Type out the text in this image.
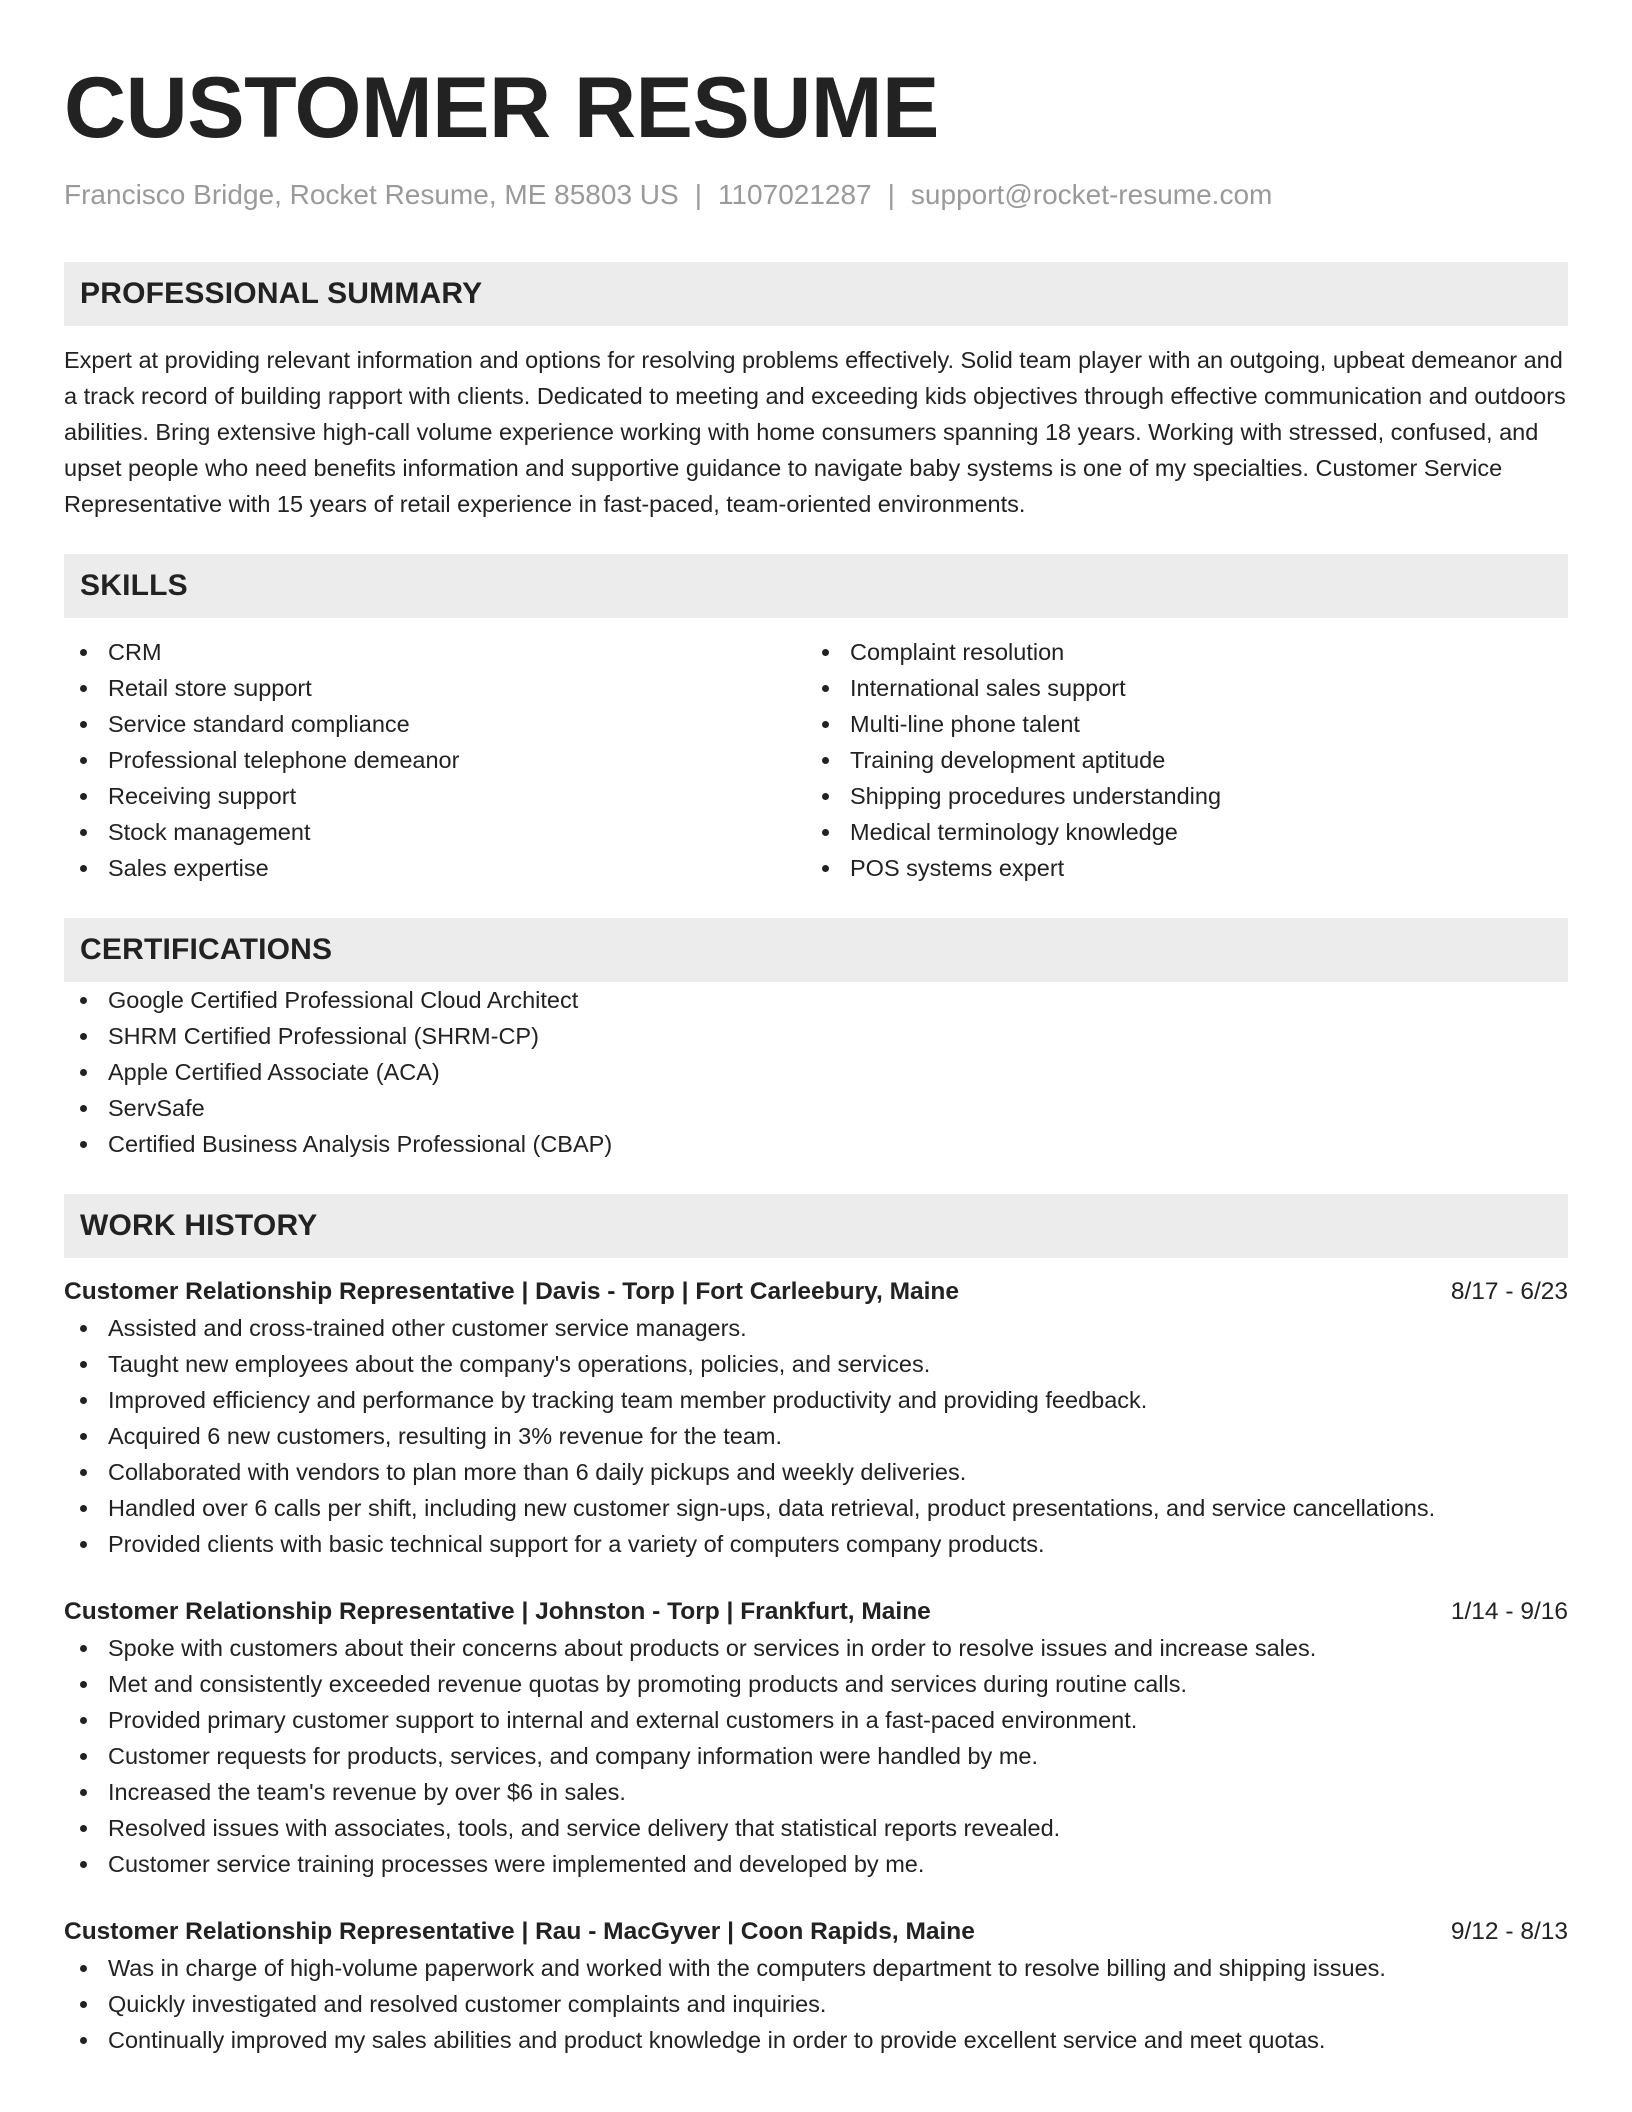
CUSTOMER RESUME
Francisco Bridge, Rocket Resume, ME 85803 US | 1107021287 | support@rocket-resume.com
PROFESSIONAL SUMMARY

Expert at providing relevant information and options for resolving problems effectively. Solid team player with an outgoing, upbeat demeanor and a track record of building rapport with clients. Dedicated to meeting and exceeding kids objectives through effective communication and outdoors abilities. Bring extensive high-call volume experience working with home consumers spanning 18 years. Working with stressed, confused, and upset people who need benefits information and supportive guidance to navigate baby systems is one of my specialties. Customer Service Representative with 15 years of retail experience in fast-paced, team-oriented environments.

SKILLS
CRM
Retail store support
Service standard compliance
Professional telephone demeanor
Receiving support
Stock management
Sales expertise
Complaint resolution
International sales support
Multi-line phone talent
Training development aptitude
Shipping procedures understanding
Medical terminology knowledge
POS systems expert
CERTIFICATIONS
Google Certified Professional Cloud Architect
SHRM Certified Professional (SHRM-CP)
Apple Certified Associate (ACA)
ServSafe
Certified Business Analysis Professional (CBAP)
WORK HISTORY
Customer Relationship Representative | Davis - Torp | Fort Carleebury, Maine	8/17 - 6/23
Assisted and cross-trained other customer service managers.
Taught new employees about the company's operations, policies, and services.
Improved efficiency and performance by tracking team member productivity and providing feedback.
Acquired 6 new customers, resulting in 3% revenue for the team.
Collaborated with vendors to plan more than 6 daily pickups and weekly deliveries.
Handled over 6 calls per shift, including new customer sign-ups, data retrieval, product presentations, and service cancellations.
Provided clients with basic technical support for a variety of computers company products.
Customer Relationship Representative | Johnston - Torp | Frankfurt, Maine	1/14 - 9/16
Spoke with customers about their concerns about products or services in order to resolve issues and increase sales.
Met and consistently exceeded revenue quotas by promoting products and services during routine calls.
Provided primary customer support to internal and external customers in a fast-paced environment.
Customer requests for products, services, and company information were handled by me.
Increased the team's revenue by over $6 in sales.
Resolved issues with associates, tools, and service delivery that statistical reports revealed.
Customer service training processes were implemented and developed by me.
Customer Relationship Representative | Rau - MacGyver | Coon Rapids, Maine	9/12 - 8/13
Was in charge of high-volume paperwork and worked with the computers department to resolve billing and shipping issues.
Quickly investigated and resolved customer complaints and inquiries.
Continually improved my sales abilities and product knowledge in order to provide excellent service and meet quotas.
